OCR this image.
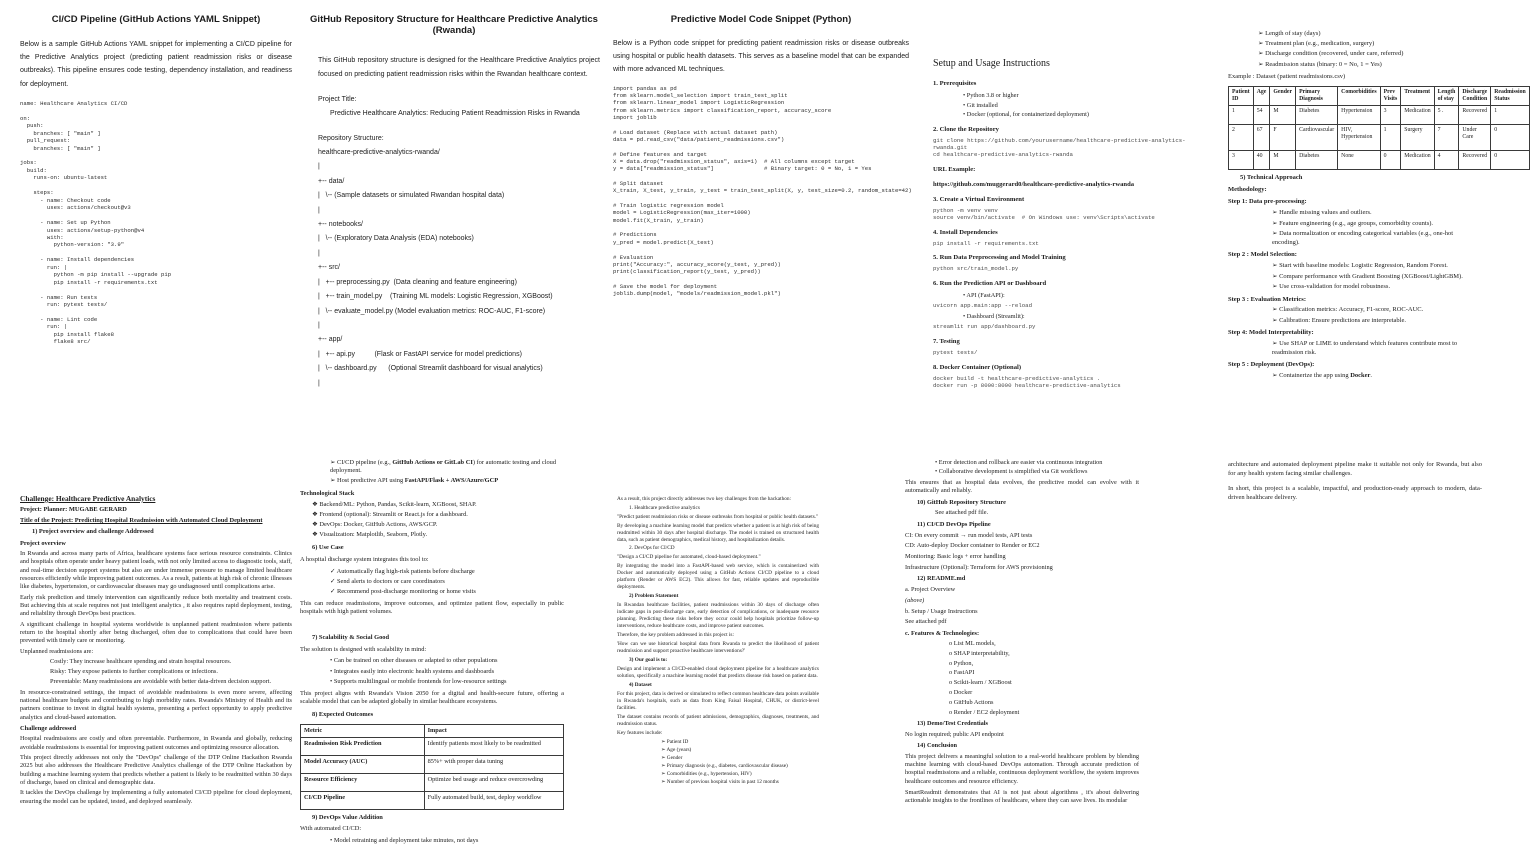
CI/CD Pipeline (GitHub Actions YAML Snippet)
Below is a sample GitHub Actions YAML snippet for implementing a CI/CD pipeline for the Predictive Analytics project (predicting patient readmission risks or disease outbreaks). This pipeline ensures code testing, dependency installation, and readiness for deployment.
name: Healthcare Analytics CI/CD

on:
push:
branches: [ "main" ]
pull_request:
branches: [ "main" ]

jobs:
build:
runs-on: ubuntu-latest

steps:
- name: Checkout code
uses: actions/checkout@v3

- name: Set up Python
uses: actions/setup-python@v4
with:
python-version: "3.9"

- name: Install dependencies
run: |
python -m pip install --upgrade pip
pip install -r requirements.txt

- name: Run tests
run: pytest tests/

- name: Lint code
run: |
pip install flake8
flake8 src/
Challenge: Healthcare Predictive Analytics
Project: Planner: MUGABE GERARD
Title of the Project: Predicting Hospital Readmission with Automated Cloud Deployment
1) Project overview and challenge Addressed
Project overview
In Rwanda and across many parts of Africa, healthcare systems face serious resource constraints. Clinics and hospitals often operate under heavy patient loads, with not only limited access to diagnostic tools, staff, and real-time decision support systems but also are under immense pressure to manage limited healthcare resources efficiently while improving patient outcomes. As a result, patients at high risk of chronic illnesses like diabetes, hypertension, or cardiovascular diseases may go undiagnosed until complications arise.
Early risk prediction and timely intervention can significantly reduce both mortality and treatment costs. But achieving this at scale requires not just intelligent analytics , it also requires rapid deployment, testing, and reliability through DevOps best practices.
A significant challenge in hospital systems worldwide is unplanned patient readmission where patients return to the hospital shortly after being discharged, often due to complications that could have been prevented with timely care or monitoring.
Unplanned readmissions are:
Costly: They increase healthcare spending and strain hospital resources.
Risky: They expose patients to further complications or infections.
Preventable: Many readmissions are avoidable with better data-driven decision support.
In resource-constrained settings, the impact of avoidable readmissions is even more severe, affecting national healthcare budgets and contributing to high morbidity rates. Rwanda's Ministry of Health and its partners continue to invest in digital health systems, presenting a perfect opportunity to apply predictive analytics and cloud-based automation.
Challenge addressed
Hospital readmissions are costly and often preventable. Furthermore, in Rwanda and globally, reducing avoidable readmissions is essential for improving patient outcomes and optimizing resource allocation.
This project directly addresses not only the "DevOps" challenge of the DTP Online Hackathon Rwanda 2025 but also addresses the Healthcare Predictive Analytics challenge of the DTP Online Hackathon by building a machine learning system that predicts whether a patient is likely to be readmitted within 30 days of discharge, based on clinical and demographic data.
It tackles the DevOps challenge by implementing a fully automated CI/CD pipeline for cloud deployment, ensuring the model can be updated, tested, and deployed seamlessly.
GitHub Repository Structure for Healthcare Predictive Analytics (Rwanda)
This GitHub repository structure is designed for the Healthcare Predictive Analytics project focused on predicting patient readmission risks within the Rwandan healthcare context.
Project Title:
Predictive Healthcare Analytics: Reducing Patient Readmission Risks in Rwanda
Repository Structure:
healthcare-predictive-analytics-rwanda/
|
+-- data/
|   \-- (Sample datasets or simulated Rwandan hospital data)
|
+-- notebooks/
|   \-- (Exploratory Data Analysis (EDA) notebooks)
|
+-- src/
|   +-- preprocessing.py  (Data cleaning and feature engineering)
|   +-- train_model.py    (Training ML models: Logistic Regression, XGBoost)
|   \-- evaluate_model.py (Model evaluation metrics: ROC-AUC, F1-score)
|
+-- app/
|   +-- api.py          (Flask or FastAPI service for model predictions)
|   \-- dashboard.py      (Optional Streamlit dashboard for visual analytics)
|
➢ CI/CD pipeline (e.g., GitHub Actions or GitLab CI) for automatic testing and cloud deployment.
➢ Host predictive API using FastAPI/Flask + AWS/Azure/GCP
Technological Stack
❖ Backend/ML: Python, Pandas, Scikit-learn, XGBoost, SHAP.
❖ Frontend (optional): Streamlit or React.js for a dashboard.
❖ DevOps: Docker, GitHub Actions, AWS/GCP.
❖ Visualization: Matplotlib, Seaborn, Plotly.
6) Use Case
A hospital discharge system integrates this tool to:
✓ Automatically flag high-risk patients before discharge
✓ Send alerts to doctors or care coordinators
✓ Recommend post-discharge monitoring or home visits
This can reduce readmissions, improve outcomes, and optimize patient flow, especially in public hospitals with high patient volumes.
7) Scalability & Social Good
The solution is designed with scalability in mind:
• Can be trained on other diseases or adapted to other populations
• Integrates easily into electronic health systems and dashboards
• Supports multilingual or mobile frontends for low-resource settings
This project aligns with Rwanda's Vision 2050 for a digital and health-secure future, offering a scalable model that can be adapted globally in similar healthcare ecosystems.
8) Expected Outcomes
Metric	Impact
Readmission Risk Prediction	Identify patients most likely to be readmitted
Model Accuracy (AUC)	85%+ with proper data tuning
Resource Efficiency	Optimize bed usage and reduce overcrowding
CI/CD Pipeline	Fully automated build, test, deploy workflow
9) DevOps Value Addition
With automated CI/CD:
• Model retraining and deployment take minutes, not days
Predictive Model Code Snippet (Python)
Below is a Python code snippet for predicting patient readmission risks or disease outbreaks using hospital or public health datasets. This serves as a baseline model that can be expanded with more advanced ML techniques.
import pandas as pd
from sklearn.model_selection import train_test_split
from sklearn.linear_model import LogisticRegression
from sklearn.metrics import classification_report, accuracy_score
import joblib

# Load dataset (Replace with actual dataset path)
data = pd.read_csv("data/patient_readmissions.csv")

# Define features and target
X = data.drop("readmission_status", axis=1)  # All columns except target
y = data["readmission_status"]               # Binary target: 0 = No, 1 = Yes

# Split dataset
X_train, X_test, y_train, y_test = train_test_split(X, y, test_size=0.2, random_state=42)

# Train logistic regression model
model = LogisticRegression(max_iter=1000)
model.fit(X_train, y_train)

# Predictions
y_pred = model.predict(X_test)

# Evaluation
print("Accuracy:", accuracy_score(y_test, y_pred))
print(classification_report(y_test, y_pred))

# Save the model for deployment
joblib.dump(model, "models/readmission_model.pkl")
As a result, this project directly addresses two key challenges from the hackathon:
1. Healthcare predictive analytics
"Predict patient readmission risks or disease outbreaks from hospital or public health datasets."
By developing a machine learning model that predicts whether a patient is at high risk of being readmitted within 30 days after hospital discharge. The model is trained on structured health data, such as patient demographics, medical history, and hospitalization details.
2. DevOps for CI/CD
"Design a CI/CD pipeline for automated, cloud-based deployment."
By integrating the model into a FastAPI-based web service, which is containerized with Docker and automatically deployed using a GitHub Actions CI/CD pipeline to a cloud platform (Render or AWS EC2). This allows for fast, reliable updates and reproducible deployments.
2) Problem Statement
In Rwandan healthcare facilities, patient readmissions within 30 days of discharge often indicate gaps in post-discharge care, early detection of complications, or inadequate resource planning. Predicting these risks before they occur could help hospitals prioritize follow-up interventions, reduce healthcare costs, and improve patient outcomes.
Therefore, the key problem addressed in this project is:
'How can we use historical hospital data from Rwanda to predict the likelihood of patient readmission and support proactive healthcare interventions?'
3) Our goal is to:
Design and implement a CI/CD-enabled cloud deployment pipeline for a healthcare analytics solution, specifically a machine learning model that predicts disease risk based on patient data.
4) Dataset
For this project, data is derived or simulated to reflect common healthcare data points available in Rwanda's hospitals, such as data from King Faisal Hospital, CHUK, or district-level facilities.
The dataset contains records of patient admissions, demographics, diagnoses, treatments, and readmission status.
Key features include:
➢ Patient ID
➢ Age (years)
➢ Gender
➢ Primary diagnosis (e.g., diabetes, cardiovascular disease)
➢ Comorbidities (e.g., hypertension, HIV)
➢ Number of previous hospital visits in past 12 months
Setup and Usage Instructions
1. Prerequisites
• Python 3.8 or higher
• Git installed
• Docker (optional, for containerized deployment)
2. Clone the Repository
git clone https://github.com/yourusername/healthcare-predictive-analytics-
rwanda.git
cd healthcare-predictive-analytics-rwanda
URL Example:
https://github.com/muggerard0/healthcare-predictive-analytics-rwanda
3. Create a Virtual Environment
python -m venv venv
source venv/bin/activate  # On Windows use: venv\Scripts\activate
4. Install Dependencies
pip install -r requirements.txt
5. Run Data Preprocessing and Model Training
python src/train_model.py
6. Run the Prediction API or Dashboard
• API (FastAPI):
uvicorn app.main:app --reload
• Dashboard (Streamlit):
streamlit run app/dashboard.py
7. Testing
pytest tests/
8. Docker Container (Optional)
docker build -t healthcare-predictive-analytics .
docker run -p 8000:8000 healthcare-predictive-analytics
• Error detection and rollback are easier via continuous integration
• Collaborative development is simplified via Git workflows
This ensures that as hospital data evolves, the predictive model can evolve with it automatically and reliably.
10) GitHub Repository Structure
See attached pdf file.
11) CI/CD DevOps Pipeline
CI: On every commit → run model tests, API tests
CD: Auto-deploy Docker container to Render or EC2
Monitoring: Basic logs + error handling
Infrastructure (Optional): Terraform for AWS provisioning
12) README.md
a. Project Overview
(above)
b. Setup / Usage Instructions
See attached pdf
c. Features & Technologies:
o List ML models,
o SHAP interpretability,
o Python,
o FastAPI
o Scikit-learn / XGBoost
o Docker
o GitHub Actions
o Render / EC2 deployment
13) Demo/Test Credentials
No login required; public API endpoint
14) Conclusion
This project delivers a meaningful solution to a real-world healthcare problem by blending machine learning with cloud-based DevOps automation. Through accurate prediction of hospital readmissions and a reliable, continuous deployment workflow, the system improves healthcare outcomes and resource efficiency.
SmartReadmit demonstrates that AI is not just about algorithms , it's about delivering actionable insights to the frontlines of healthcare, where they can save lives. Its modular
➢ Length of stay (days)
➢ Treatment plan (e.g., medication, surgery)
➢ Discharge condition (recovered, under care, referred)
➢ Readmission status (binary: 0 = No, 1 = Yes)
Example : Dataset (patient readmissions.csv)
Patient ID	Age	Gender	Primary Diagnosis	Comorbidities	Prev Visits	Treatment	Length of stay	Discharge Condition	Readmission Status
1	54	M	Diabetes	Hypertension	3	Medication	5 .	Recovered	1
2	67	F	Cardiovascular	HIV, Hypertension	1	Surgery	7	Under Care	0
3	40	M	Diabetes	None	0	Medication	4	Recovered	0
5) Technical Approach
Methodology:
Step 1: Data pre-processing:
➢ Handle missing values and outliers.
➢ Feature engineering (e.g., age groups, comorbidity counts).
➢ Data normalization or encoding categorical variables (e.g., one-hot encoding).
Step 2 : Model Selection:
➢ Start with baseline models: Logistic Regression, Random Forest.
➢ Compare performance with Gradient Boosting (XGBoost/LightGBM).
➢ Use cross-validation for model robustness.
Step 3 : Evaluation Metrics:
➢ Classification metrics: Accuracy, F1-score, ROC-AUC.
➢ Calibration: Ensure predictions are interpretable.
Step 4: Model Interpretability:
➢ Use SHAP or LIME to understand which features contribute most to readmission risk.
Step 5 : Deployment (DevOps):
➢ Containerize the app using Docker.
architecture and automated deployment pipeline make it suitable not only for Rwanda, but also for any health system facing similar challenges.
In short, this project is a scalable, impactful, and production-ready approach to modern, data-driven healthcare delivery.
